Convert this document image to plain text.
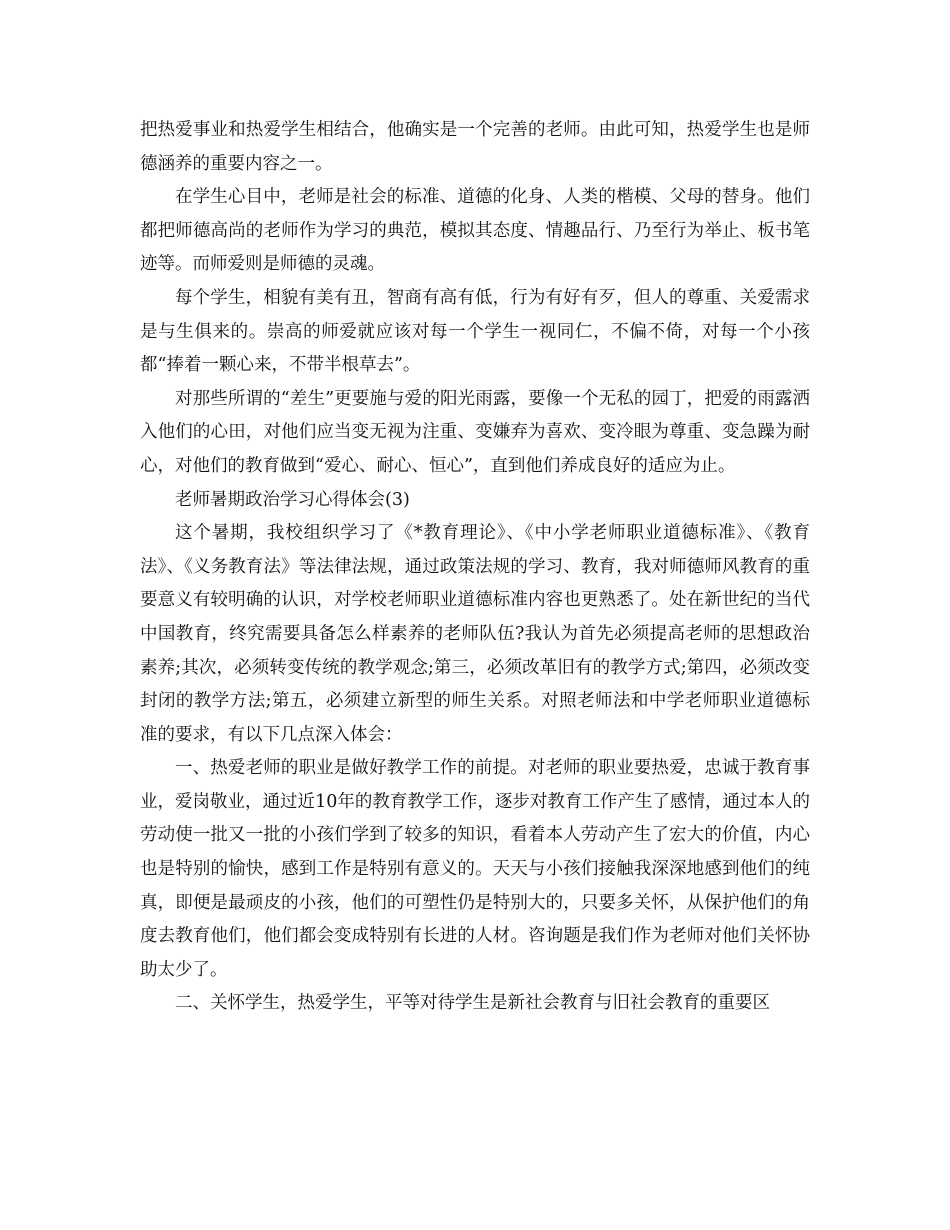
把热爱事业和热爱学生相结合，他确实是一个完善的老师。由此可知，热爱学生也是师德涵养的重要内容之一。

在学生心目中，老师是社会的标准、道德的化身、人类的楷模、父母的替身。他们都把师德高尚的老师作为学习的典范，模拟其态度、情趣品行、乃至行为举止、板书笔迹等。而师爱则是师德的灵魂。

每个学生，相貌有美有丑，智商有高有低，行为有好有歹，但人的尊重、关爱需求是与生俱来的。崇高的师爱就应该对每一个学生一视同仁，不偏不倚，对每一个小孩都“捧着一颗心来，不带半根草去”。

对那些所谓的“差生”更要施与爱的阳光雨露，要像一个无私的园丁，把爱的雨露洒入他们的心田，对他们应当变无视为注重、变嫌弃为喜欢、变冷眼为尊重、变急躁为耐心，对他们的教育做到“爱心、耐心、恒心”，直到他们养成良好的适应为止。

老师暑期政治学习心得体会(3)

这个暑期，我校组织学习了《*教育理论》、《中小学老师职业道德标准》、《教育法》、《义务教育法》等法律法规，通过政策法规的学习、教育，我对师德师风教育的重要意义有较明确的认识，对学校老师职业道德标准内容也更熟悉了。处在新世纪的当代中国教育，终究需要具备怎么样素养的老师队伍?我认为首先必须提高老师的思想政治素养;其次，必须转变传统的教学观念;第三，必须改革旧有的教学方式;第四，必须改变封闭的教学方法;第五，必须建立新型的师生关系。对照老师法和中学老师职业道德标准的要求，有以下几点深入体会：

一、热爱老师的职业是做好教学工作的前提。对老师的职业要热爱，忠诚于教育事业，爱岗敬业，通过近10年的教育教学工作，逐步对教育工作产生了感情，通过本人的劳动使一批又一批的小孩们学到了较多的知识，看着本人劳动产生了宏大的价值，内心也是特别的愉快，感到工作是特别有意义的。天天与小孩们接触我深深地感到他们的纯真，即便是最顽皮的小孩，他们的可塑性仍是特别大的，只要多关怀，从保护他们的角度去教育他们，他们都会变成特别有长进的人材。咨询题是我们作为老师对他们关怀协助太少了。

二、关怀学生，热爱学生，平等对待学生是新社会教育与旧社会教育的重要区
